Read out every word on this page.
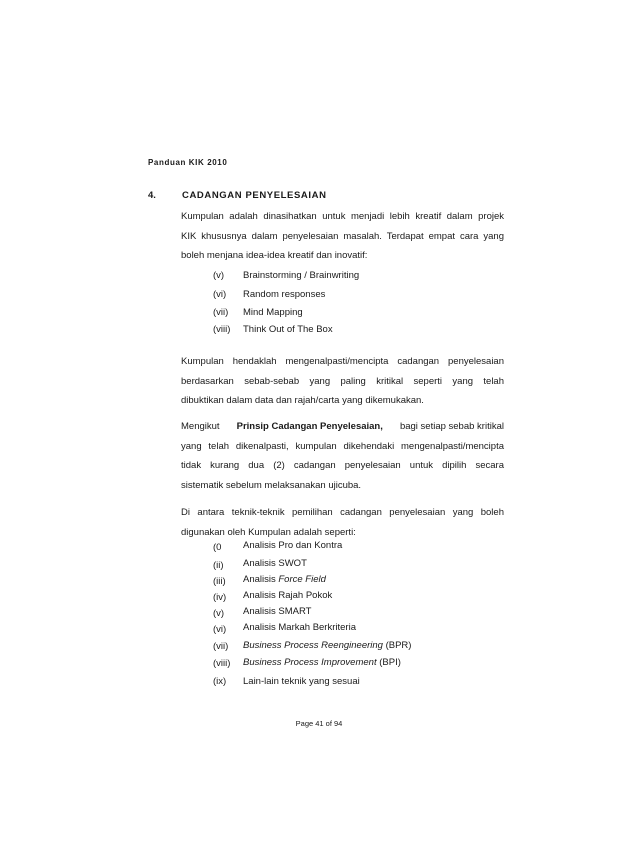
Panduan KIK 2010
4.	CADANGAN PENYELESAIAN
Kumpulan adalah dinasihatkan untuk menjadi lebih kreatif dalam projek
KIK khususnya dalam penyelesaian masalah. Terdapat empat cara yang
boleh menjana idea-idea kreatif dan inovatif:
(v) Brainstorming / Brainwriting
(vi) Random responses
(vii) Mind Mapping
(viii) Think Out of The Box
Kumpulan hendaklah mengenalpasti/mencipta cadangan penyelesaian
berdasarkan sebab-sebab yang paling kritikal seperti yang telah
dibuktikan dalam data dan rajah/carta yang dikemukakan.
Mengikut Prinsip Cadangan Penyelesaian, bagi setiap sebab kritikal
yang telah dikenalpasti, kumpulan dikehendaki mengenalpasti/mencipta
tidak kurang dua (2) cadangan penyelesaian untuk dipilih secara
sistematik sebelum melaksanakan ujicuba.
Di antara teknik-teknik pemilihan cadangan penyelesaian yang boleh
digunakan oleh Kumpulan adalah seperti:
(0 Analisis Pro dan Kontra
(ii) Analisis SWOT
(iii) Analisis Force Field
(iv) Analisis Rajah Pokok
(v) Analisis SMART
(vi) Analisis Markah Berkriteria
(vii) Business Process Reengineering (BPR)
(viii) Business Process Improvement (BPI)
(ix) Lain-lain teknik yang sesuai
Page 41 of 94
